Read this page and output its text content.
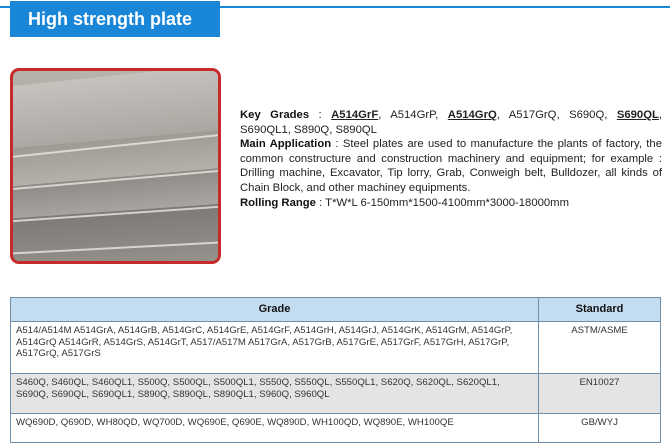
High strength plate

Key Grades : A514GrF, A514GrP, A514GrQ, A517GrQ, S690Q, S690QL, S690QL1, S890Q, S890QL

Main Application : Steel plates are used to manufacture the plants of factory, the common constructure and construction machinery and equipment; for example : Drilling machine, Excavator, Tip lorry, Grab, Conweigh belt, Bulldozer, all kinds of Chain Block, and other machiney equipments.

Rolling Range : T*W*L 6-150mm*1500-4100mm*3000-18000mm

Grade	Standard
A514/A514M A514GrA, A514GrB, A514GrC, A514GrE, A514GrF, A514GrH, A514GrJ, A514GrK, A514GrM, A514GrP, A514GrQ A514GrR, A514GrS, A514GrT, A517/A517M A517GrA, A517GrB, A517GrE, A517GrF, A517GrH, A517GrP, A517GrQ, A517GrS	ASTM/ASME
S460Q, S460QL, S460QL1, S500Q, S500QL, S500QL1, S550Q, S550QL, S550QL1, S620Q, S620QL, S620QL1, S690Q, S690QL, S690QL1, S890Q, S890QL, S890QL1, S960Q, S960QL	EN10027
WQ690D, Q690D, WH80QD, WQ700D, WQ690E, Q690E, WQ890D, WH100QD, WQ890E, WH100QE	GB/WYJ
